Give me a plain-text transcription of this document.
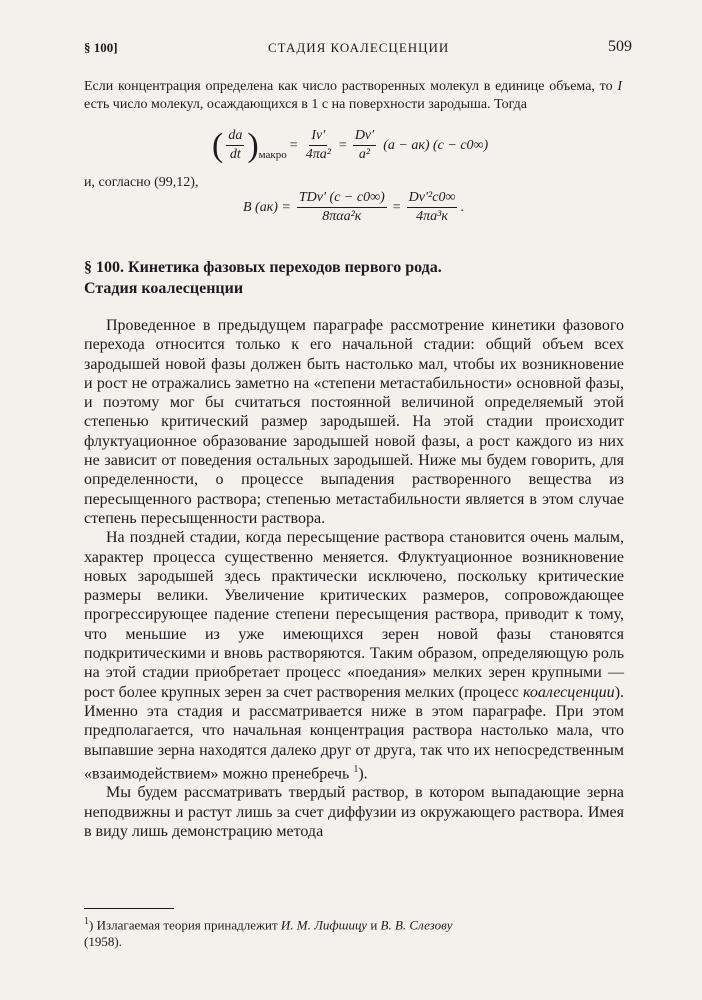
§ 100]	СТАДИЯ КОАЛЕСЦЕНЦИИ	509
Если концентрация определена как число растворенных молекул в единице объема, то I есть число молекул, осаждающихся в 1 с на поверхности зародыша. Тогда
( $\frac{da}{dt}$ ) макро
= $\frac{Iv'}{\text{4πa²}} = \frac{Dv'}{\text{a²}} (a - aк) (c - c0\infty)$
и, согласно (99,12),
B $(aк) = \frac{\text{TDv′ (c − c0∞)}}{\text{8παa²к}} = \frac{\text{Dv′²c0∞}}{\text{4πa³к}}$ .
§ 100. Кинетика фазовых переходов первого рода.
Стадия коалесценции

Проведенное в предыдущем параграфе рассмотрение кинетики фазового перехода относится только к его начальной стадии: общий объем всех зародышей новой фазы должен быть настолько мал, чтобы их возникновение и рост не отражались заметно на «степени метастабильности» основной фазы, и поэтому мог бы считаться постоянной величиной определяемый этой степенью критический размер зародышей. На этой стадии происходит флуктуационное образование зародышей новой фазы, а рост каждого из них не зависит от поведения остальных зародышей. Ниже мы будем говорить, для определенности, о процессе выпадения растворенного вещества из пересыщенного раствора; степенью метастабильности является в этом случае степень пересыщенности раствора.

На поздней стадии, когда пересыщение раствора становится очень малым, характер процесса существенно меняется. Флуктуационное возникновение новых зародышей здесь практически исключено, поскольку критические размеры велики. Увеличение критических размеров, сопровождающее прогрессирующее падение степени пересыщения раствора, приводит к тому, что меньшие из уже имеющихся зерен новой фазы становятся подкритическими и вновь растворяются. Таким образом, определяющую роль на этой стадии приобретает процесс «поедания» мелких зерен крупными — рост более крупных зерен за счет растворения мелких (процесс коалесценции). Именно эта стадия и рассматривается ниже в этом параграфе. При этом предполагается, что начальная концентрация раствора настолько мала, что выпавшие зерна находятся далеко друг от друга, так что их непосредственным «взаимодействием» можно пренебречь $^1$).

Мы будем рассматривать твердый раствор, в котором выпадающие зерна неподвижны и растут лишь за счет диффузии из окружающего раствора. Имея в виду лишь демонстрацию метода

$^1$) Излагаемая теория принадлежит И. М. Лифшицу и В. В. Слезову
(1958).
